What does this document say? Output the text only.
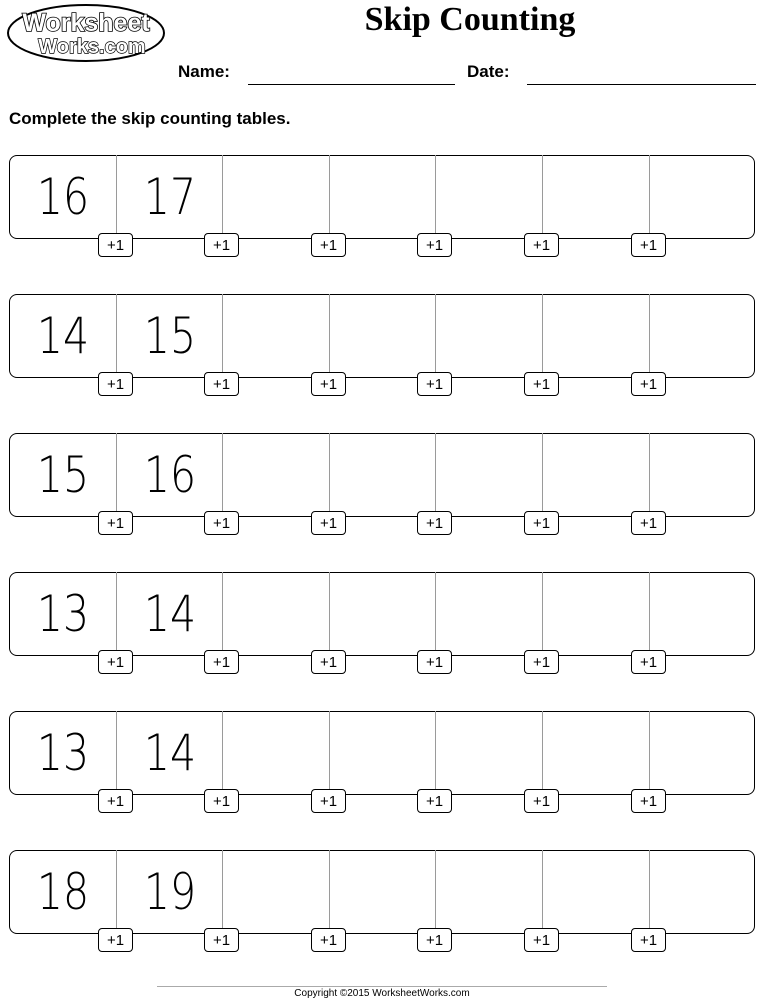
Worksheet
Works.com
Skip Counting
Name:	Date:
Complete the skip counting tables.
16 17
+1	+1	+1	+1	+1	+1
14 15
+1	+1	+1	+1	+1	+1
15 16
+1	+1	+1	+1	+1	+1
13 14
+1	+1	+1	+1	+1	+1
13 14
+1	+1	+1	+1	+1	+1
18 19
+1	+1	+1	+1	+1	+1
Copyright ©2015 WorksheetWorks.com
